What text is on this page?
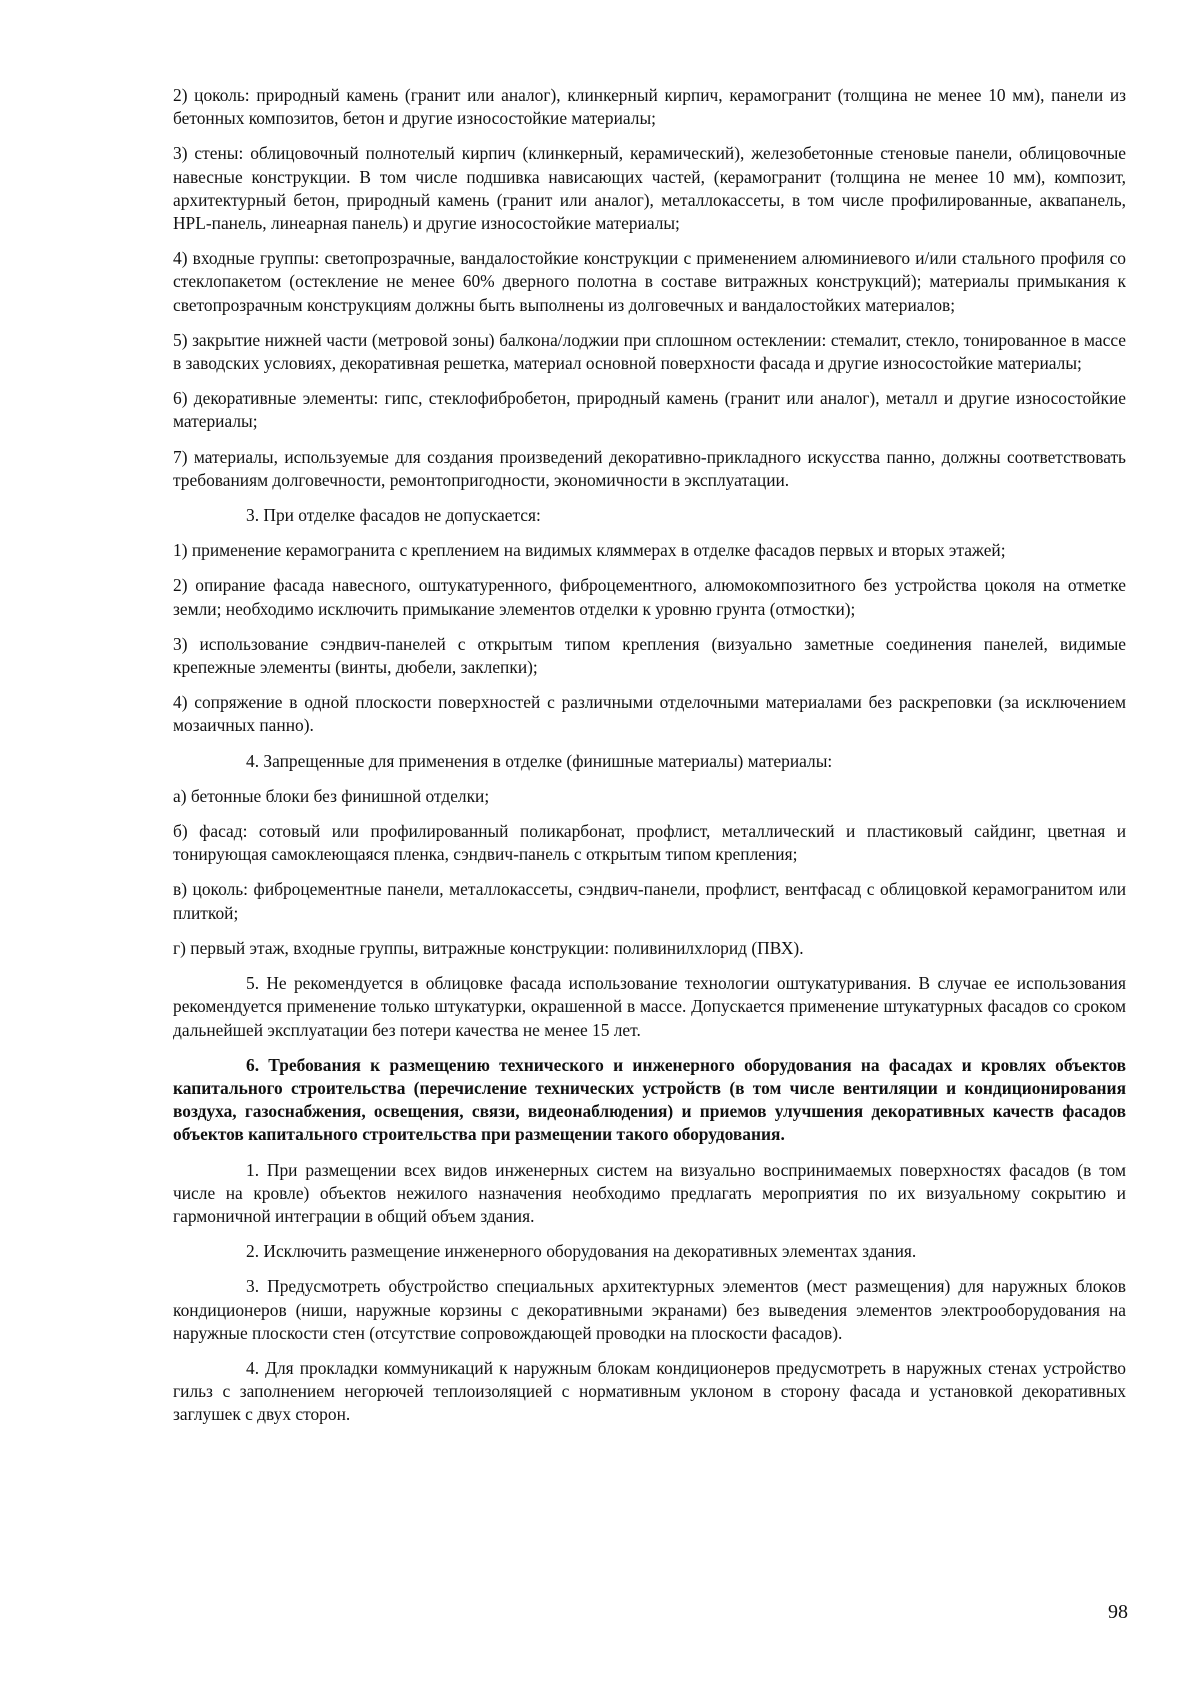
2) цоколь: природный камень (гранит или аналог), клинкерный кирпич, керамогранит (толщина не менее 10 мм), панели из бетонных композитов, бетон и другие износостойкие материалы;

3) стены: облицовочный полнотелый кирпич (клинкерный, керамический), железобетонные стеновые панели, облицовочные навесные конструкции. В том числе подшивка нависающих частей, (керамогранит (толщина не менее 10 мм), композит, архитектурный бетон, природный камень (гранит или аналог), металлокассеты, в том числе профилированные, аквапанель, HPL-панель, линеарная панель) и другие износостойкие материалы;

4) входные группы: светопрозрачные, вандалостойкие конструкции с применением алюминиевого и/или стального профиля со стеклопакетом (остекление не менее 60% дверного полотна в составе витражных конструкций); материалы примыкания к светопрозрачным конструкциям должны быть выполнены из долговечных и вандалостойких материалов;

5) закрытие нижней части (метровой зоны) балкона/лоджии при сплошном остеклении: стемалит, стекло, тонированное в массе в заводских условиях, декоративная решетка, материал основной поверхности фасада и другие износостойкие материалы;

6) декоративные элементы: гипс, стеклофибробетон, природный камень (гранит или аналог), металл и другие износостойкие материалы;

7) материалы, используемые для создания произведений декоративно-прикладного искусства панно, должны соответствовать требованиям долговечности, ремонтопригодности, экономичности в эксплуатации.

3. При отделке фасадов не допускается:

1) применение керамогранита с креплением на видимых кляммерах в отделке фасадов первых и вторых этажей;

2) опирание фасада навесного, оштукатуренного, фиброцементного, алюмокомпозитного без устройства цоколя на отметке земли; необходимо исключить примыкание элементов отделки к уровню грунта (отмостки);

3) использование сэндвич-панелей с открытым типом крепления (визуально заметные соединения панелей, видимые крепежные элементы (винты, дюбели, заклепки);

4) сопряжение в одной плоскости поверхностей с различными отделочными материалами без раскреповки (за исключением мозаичных панно).

4. Запрещенные для применения в отделке (финишные материалы) материалы:

а) бетонные блоки без финишной отделки;

б) фасад: сотовый или профилированный поликарбонат, профлист, металлический и пластиковый сайдинг, цветная и тонирующая самоклеющаяся пленка, сэндвич-панель с открытым типом крепления;

в) цоколь: фиброцементные панели, металлокассеты, сэндвич-панели, профлист, вентфасад с облицовкой керамогранитом или плиткой;

г) первый этаж, входные группы, витражные конструкции: поливинилхлорид (ПВХ).

5. Не рекомендуется в облицовке фасада использование технологии оштукатуривания. В случае ее использования рекомендуется применение только штукатурки, окрашенной в массе. Допускается применение штукатурных фасадов со сроком дальнейшей эксплуатации без потери качества не менее 15 лет.

6. Требования к размещению технического и инженерного оборудования на фасадах и кровлях объектов капитального строительства (перечисление технических устройств (в том числе вентиляции и кондиционирования воздуха, газоснабжения, освещения, связи, видеонаблюдения) и приемов улучшения декоративных качеств фасадов объектов капитального строительства при размещении такого оборудования.

1. При размещении всех видов инженерных систем на визуально воспринимаемых поверхностях фасадов (в том числе на кровле) объектов нежилого назначения необходимо предлагать мероприятия по их визуальному сокрытию и гармоничной интеграции в общий объем здания.

2. Исключить размещение инженерного оборудования на декоративных элементах здания.

3. Предусмотреть обустройство специальных архитектурных элементов (мест размещения) для наружных блоков кондиционеров (ниши, наружные корзины с декоративными экранами) без выведения элементов электрооборудования на наружные плоскости стен (отсутствие сопровождающей проводки на плоскости фасадов).

4. Для прокладки коммуникаций к наружным блокам кондиционеров предусмотреть в наружных стенах устройство гильз с заполнением негорючей теплоизоляцией с нормативным уклоном в сторону фасада и установкой декоративных заглушек с двух сторон.

98
